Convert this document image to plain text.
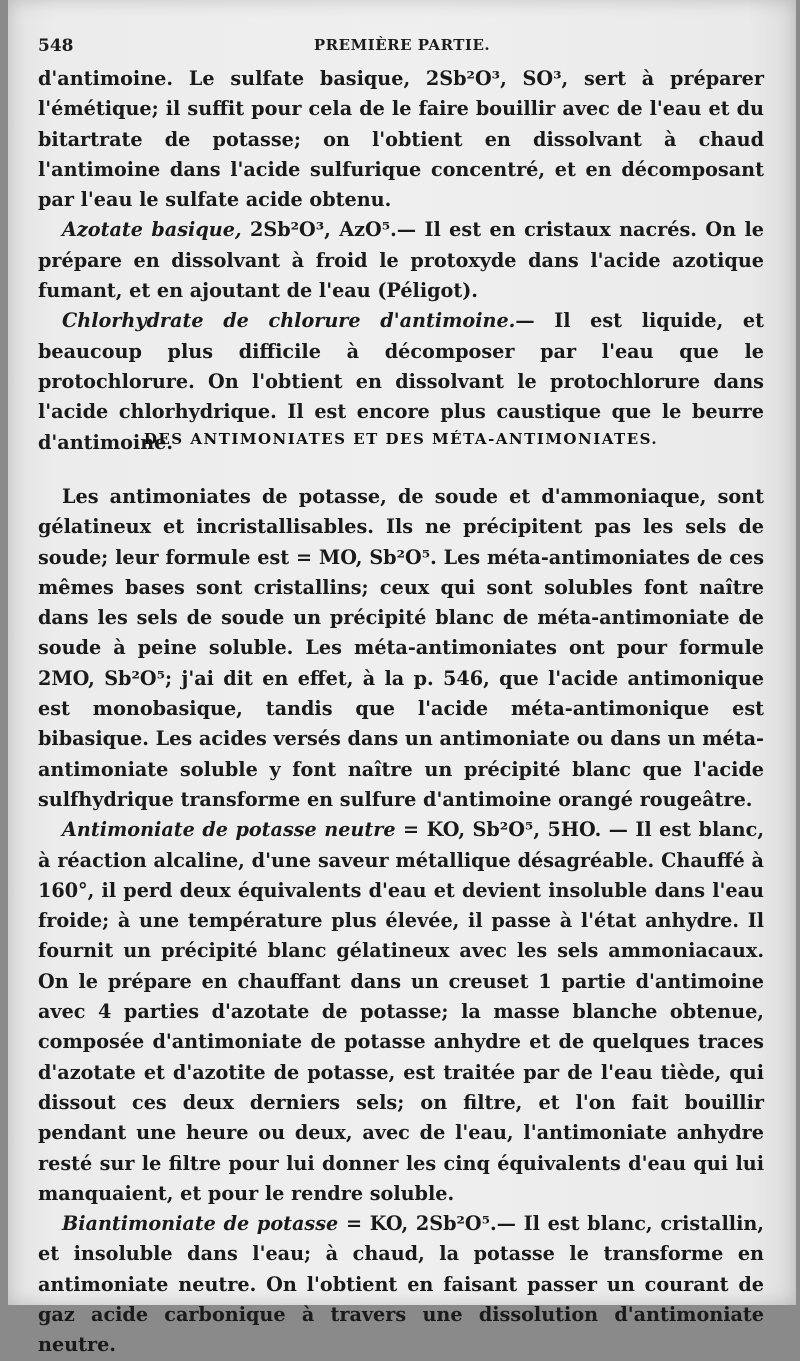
548	PREMIÈRE PARTIE.

d'antimoine. Le sulfate basique, 2Sb²O³, SO³, sert à préparer l'émétique; il suffit pour cela de le faire bouillir avec de l'eau et du bitartrate de potasse; on l'obtient en dissolvant à chaud l'antimoine dans l'acide sulfurique concentré, et en décomposant par l'eau le sulfate acide obtenu.

Azotate basique, 2Sb²O³, AzO⁵.— Il est en cristaux nacrés. On le prépare en dissolvant à froid le protoxyde dans l'acide azotique fumant, et en ajoutant de l'eau (Péligot).

Chlorhydrate de chlorure d'antimoine.— Il est liquide, et beaucoup plus difficile à décomposer par l'eau que le protochlorure. On l'obtient en dissolvant le protochlorure dans l'acide chlorhydrique. Il est encore plus caustique que le beurre d'antimoine.

DES ANTIMONIATES ET DES MÉTA-ANTIMONIATES.

Les antimoniates de potasse, de soude et d'ammoniaque, sont gélatineux et incristallisables. Ils ne précipitent pas les sels de soude; leur formule est = MO, Sb²O⁵. Les méta-antimoniates de ces mêmes bases sont cristallins; ceux qui sont solubles font naître dans les sels de soude un précipité blanc de méta-antimoniate de soude à peine soluble. Les méta-antimoniates ont pour formule 2MO, Sb²O⁵; j'ai dit en effet, à la p. 546, que l'acide antimonique est monobasique, tandis que l'acide méta-antimonique est bibasique. Les acides versés dans un antimoniate ou dans un méta-antimoniate soluble y font naître un précipité blanc que l'acide sulfhydrique transforme en sulfure d'antimoine orangé rougeâtre.

Antimoniate de potasse neutre = KO, Sb²O⁵, 5HO. — Il est blanc, à réaction alcaline, d'une saveur métallique désagréable. Chauffé à 160°, il perd deux équivalents d'eau et devient insoluble dans l'eau froide; à une température plus élevée, il passe à l'état anhydre. Il fournit un précipité blanc gélatineux avec les sels ammoniacaux. On le prépare en chauffant dans un creuset 1 partie d'antimoine avec 4 parties d'azotate de potasse; la masse blanche obtenue, composée d'antimoniate de potasse anhydre et de quelques traces d'azotate et d'azotite de potasse, est traitée par de l'eau tiède, qui dissout ces deux derniers sels; on filtre, et l'on fait bouillir pendant une heure ou deux, avec de l'eau, l'antimoniate anhydre resté sur le filtre pour lui donner les cinq équivalents d'eau qui lui manquaient, et pour le rendre soluble.

Biantimoniate de potasse = KO, 2Sb²O⁵.— Il est blanc, cristallin, et insoluble dans l'eau; à chaud, la potasse le transforme en antimoniate neutre. On l'obtient en faisant passer un courant de gaz acide carbonique à travers une dissolution d'antimoniate neutre.
